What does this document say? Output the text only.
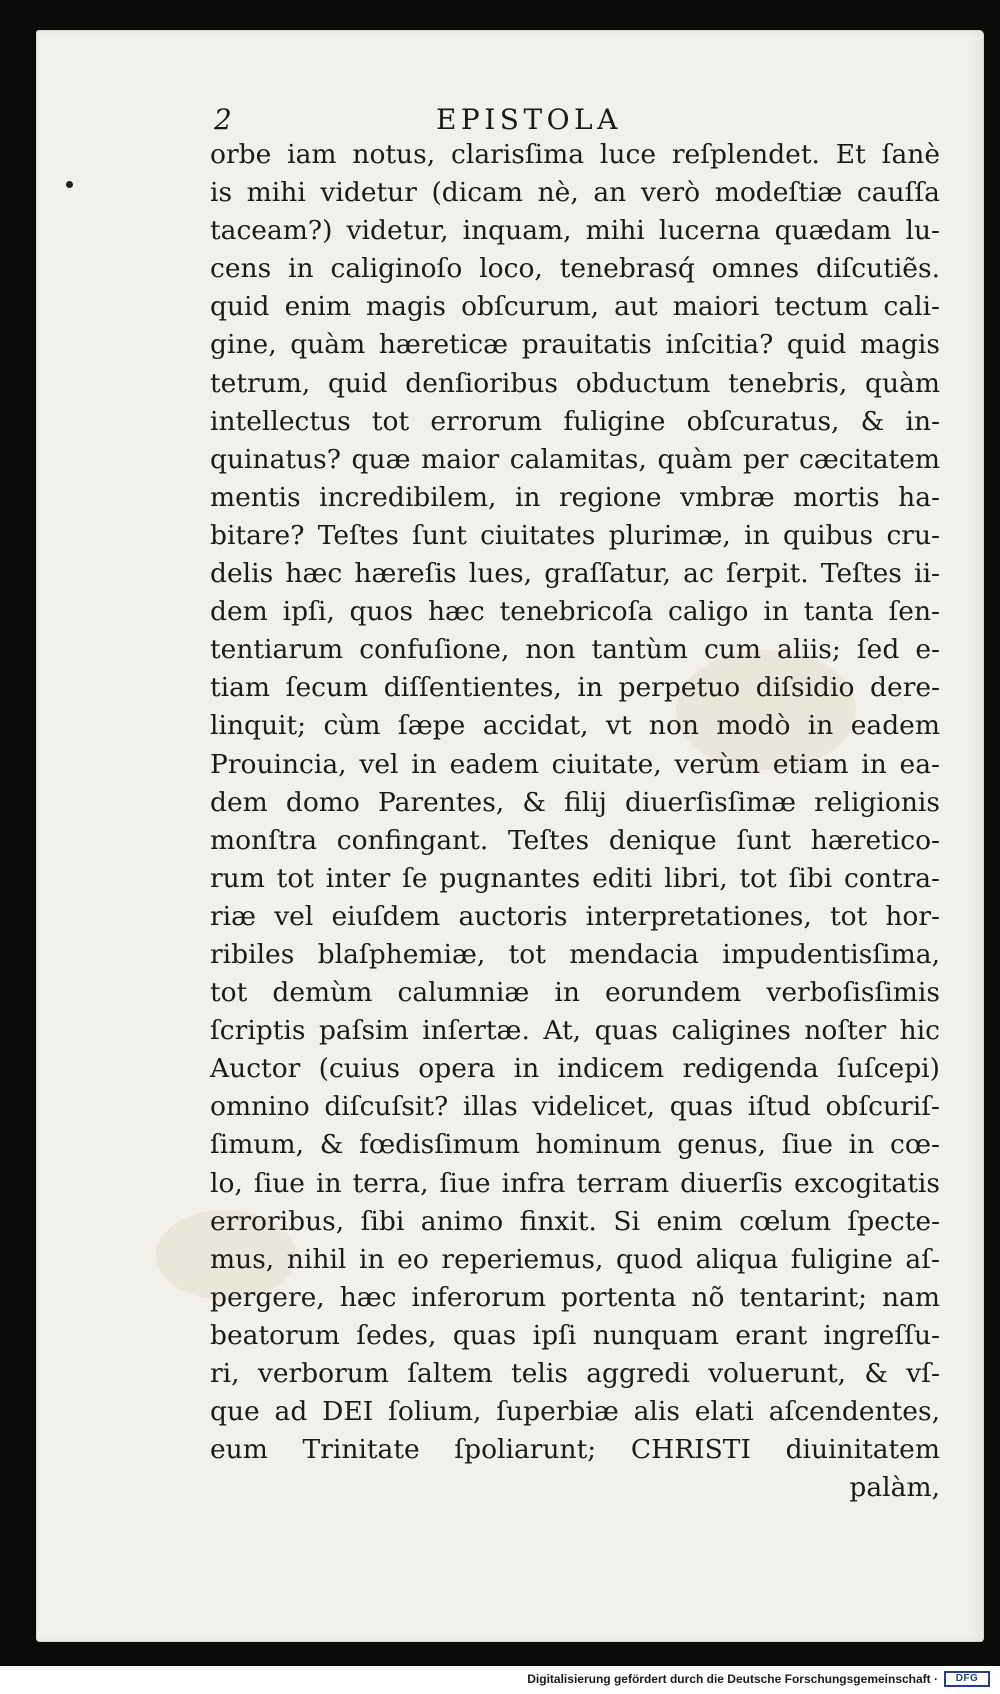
2	EPISTOLA
orbe iam notus, clarisſima luce reſplendet. Et ſanè
is mihi videtur (dicam nè, an verò modeſtiæ cauſſa
taceam?) videtur, inquam, mihi lucerna quædam lu-
cens in caliginoſo loco, tenebrasq́ omnes diſcutiẽs.
quid enim magis obſcurum, aut maiori tectum cali-
gine, quàm hæreticæ prauitatis inſcitia? quid magis
tetrum, quid denſioribus obductum tenebris, quàm
intellectus tot errorum fuligine obſcuratus, & in-
quinatus? quæ maior calamitas, quàm per cæcitatem
mentis incredibilem, in regione vmbræ mortis ha-
bitare? Teſtes ſunt ciuitates plurimæ, in quibus cru-
delis hæc hæreſis lues, graſſatur, ac ſerpit. Teſtes ii-
dem ipſi, quos hæc tenebricoſa caligo in tanta ſen-
tentiarum confuſione, non tantùm cum aliis; ſed e-
tiam ſecum diſſentientes, in perpetuo diſsidio dere-
linquit; cùm ſæpe accidat, vt non modò in eadem
Prouincia, vel in eadem ciuitate, verùm etiam in ea-
dem domo Parentes, & filij diuerſisſimæ religionis
monſtra confingant. Teſtes denique ſunt hæretico-
rum tot inter ſe pugnantes editi libri, tot ſibi contra-
riæ vel eiuſdem auctoris interpretationes, tot hor-
ribiles blaſphemiæ, tot mendacia impudentisſima,
tot demùm calumniæ in eorundem verboſisſimis
ſcriptis paſsim inſertæ. At, quas caligines noſter hic
Auctor (cuius opera in indicem redigenda ſuſcepi)
omnino diſcuſsit? illas videlicet, quas iſtud obſcuriſ-
ſimum, & fœdisſimum hominum genus, ſiue in cœ-
lo, ſiue in terra, ſiue infra terram diuerſis excogitatis
erroribus, ſibi animo finxit. Si enim cœlum ſpecte-
mus, nihil in eo reperiemus, quod aliqua fuligine aſ-
pergere, hæc inferorum portenta nõ tentarint; nam
beatorum ſedes, quas ipſi nunquam erant ingreſſu-
ri, verborum ſaltem telis aggredi voluerunt, & vſ-
que ad DEI ſolium, ſuperbiæ alis elati aſcendentes,
eum Trinitate ſpoliarunt; CHRISTI diuinitatem
palàm,
Digitalisierung gefördert durch die Deutsche Forschungsgemeinschaft ·	DFG
